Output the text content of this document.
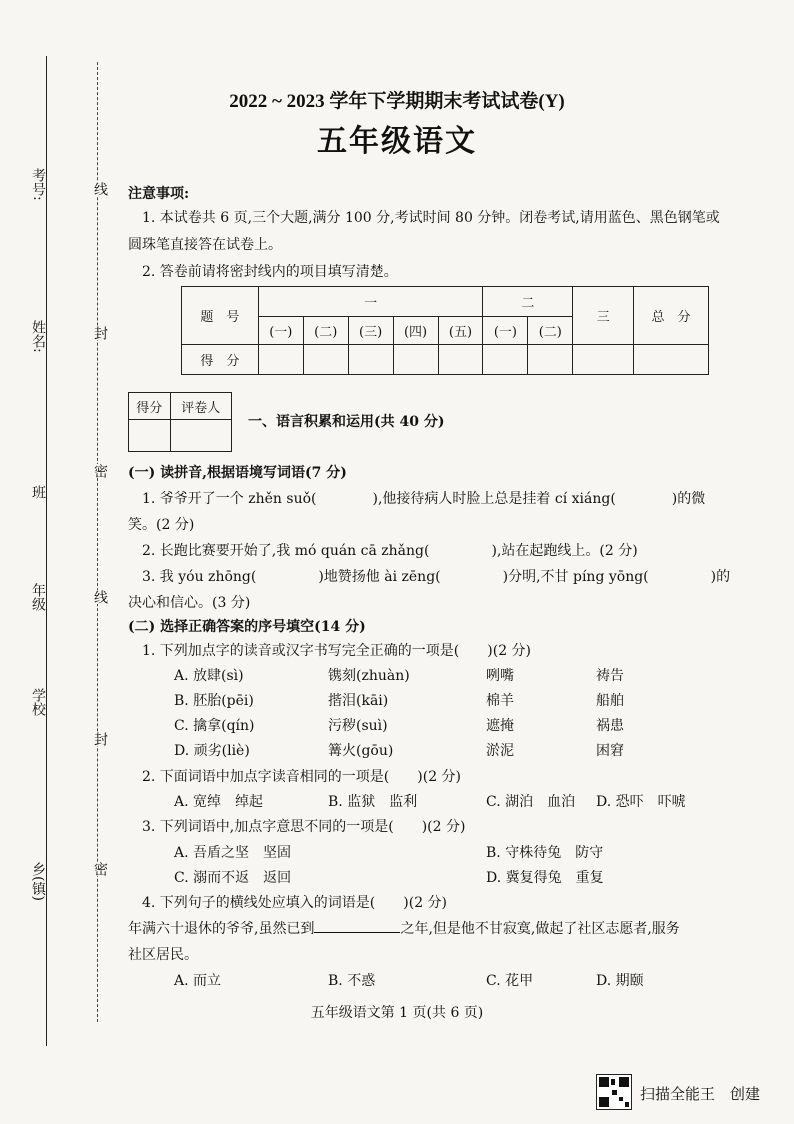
考号:
姓名:
班
年级
学校
乡(镇)
线
封
密
线
封
密
2022 ~ 2023 学年下学期期末考试试卷(Y)
五年级语文
注意事项:
1. 本试卷共 6 页,三个大题,满分 100 分,考试时间 80 分钟。闭卷考试,请用蓝色、黑色钢笔或
圆珠笔直接答在试卷上。
2. 答卷前请将密封线内的项目填写清楚。
题　号	一					二		三	总　分
	(一)	(二)	(三)	(四)	(五)	(一)	(二)		
得　分									
得分	评卷人

一、语言积累和运用(共 40 分)
(一) 读拼音,根据语境写词语(7 分)
1. 爷爷开了一个 zhěn suǒ(	),他接待病人时脸上总是挂着 cí xiáng(	)的微
笑。(2 分)
2. 长跑比赛要开始了,我 mó quán cā zhǎng(	),站在起跑线上。(2 分)
3. 我 yóu zhōng(	)地赞扬他 ài zēng(	)分明,不甘 píng yōng(	)的
决心和信心。(3 分)
(二) 选择正确答案的序号填空(14 分)
1. 下列加点字的读音或汉字书写完全正确的一项是(　　)(2 分)
A. 放肆(sì)	镌刻(zhuàn)	咧嘴	祷告
B. 胚胎(pēi)	揩泪(kāi)	棉羊	船舶
C. 擒拿(qín)	污秽(suì)	遮掩	祸患
D. 顽劣(liè)	篝火(gōu)	淤泥	困窘
2. 下面词语中加点字读音相同的一项是(　　)(2 分)
A. 宽绰　绰起	B. 监狱　监利	C. 湖泊　血泊 D. 恐吓　吓唬
3. 下列词语中,加点字意思不同的一项是(　　)(2 分)
A. 吾盾之坚　坚固	B. 守株待兔　防守
C. 溺而不返　返回	D. 冀复得兔　重复
4. 下列句子的横线处应填入的词语是(　　)(2 分)
年满六十退休的爷爷,虽然已到	之年,但是他不甘寂寞,做起了社区志愿者,服务
社区居民。
A. 而立	B. 不惑	C. 花甲	D. 期颐
五年级语文第 1 页(共 6 页)
扫描全能王　创建
